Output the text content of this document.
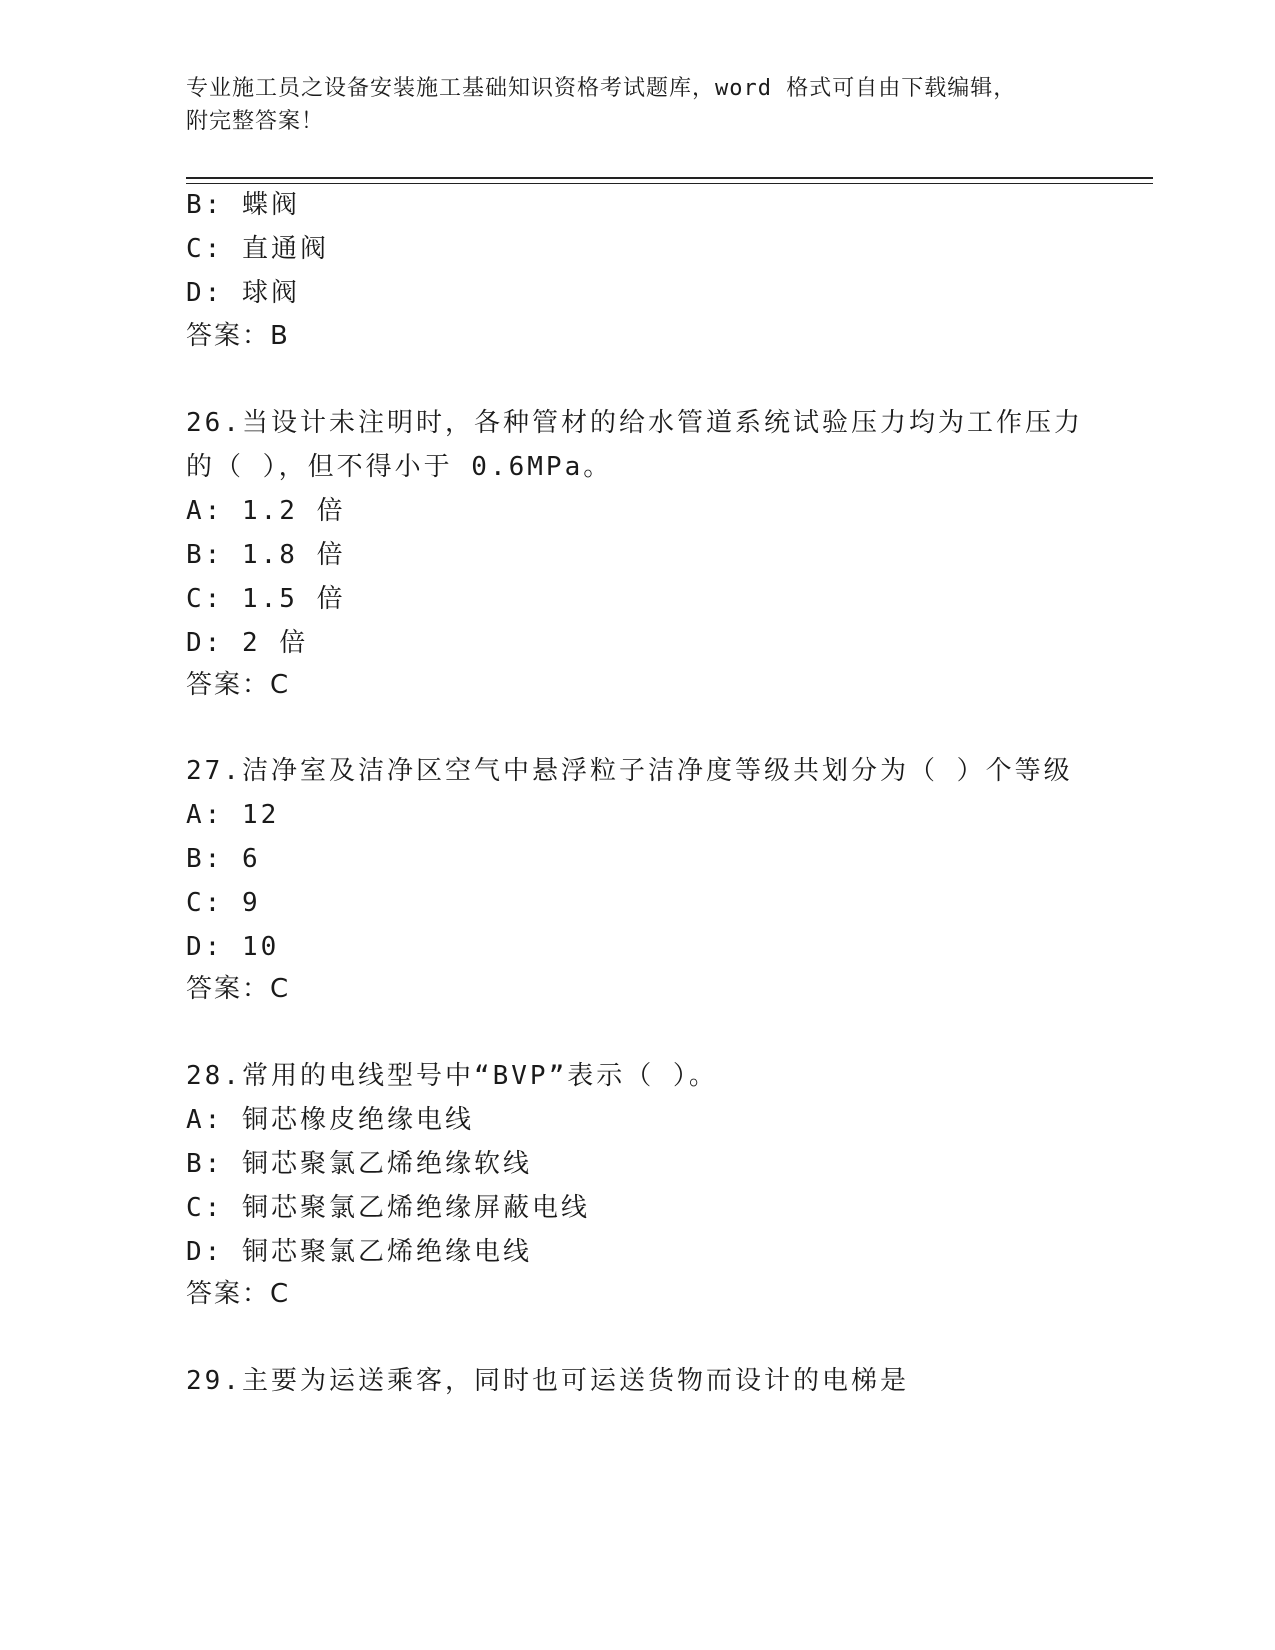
专业施工员之设备安装施工基础知识资格考试题库，word 格式可自由下载编辑，
附完整答案！
B: 蝶阀
C: 直通阀
D: 球阀
答案：B
26.当设计未注明时，各种管材的给水管道系统试验压力均为工作压力
的（ ），但不得小于 0.6MPa。
A: 1.2 倍
B: 1.8 倍
C: 1.5 倍
D: 2 倍
答案：C
27.洁净室及洁净区空气中悬浮粒子洁净度等级共划分为（ ）个等级
A: 12
B: 6
C: 9
D: 10
答案：C
28.常用的电线型号中“BVP”表示（ ）。
A: 铜芯橡皮绝缘电线
B: 铜芯聚氯乙烯绝缘软线
C: 铜芯聚氯乙烯绝缘屏蔽电线
D: 铜芯聚氯乙烯绝缘电线
答案：C
29.主要为运送乘客，同时也可运送货物而设计的电梯是
